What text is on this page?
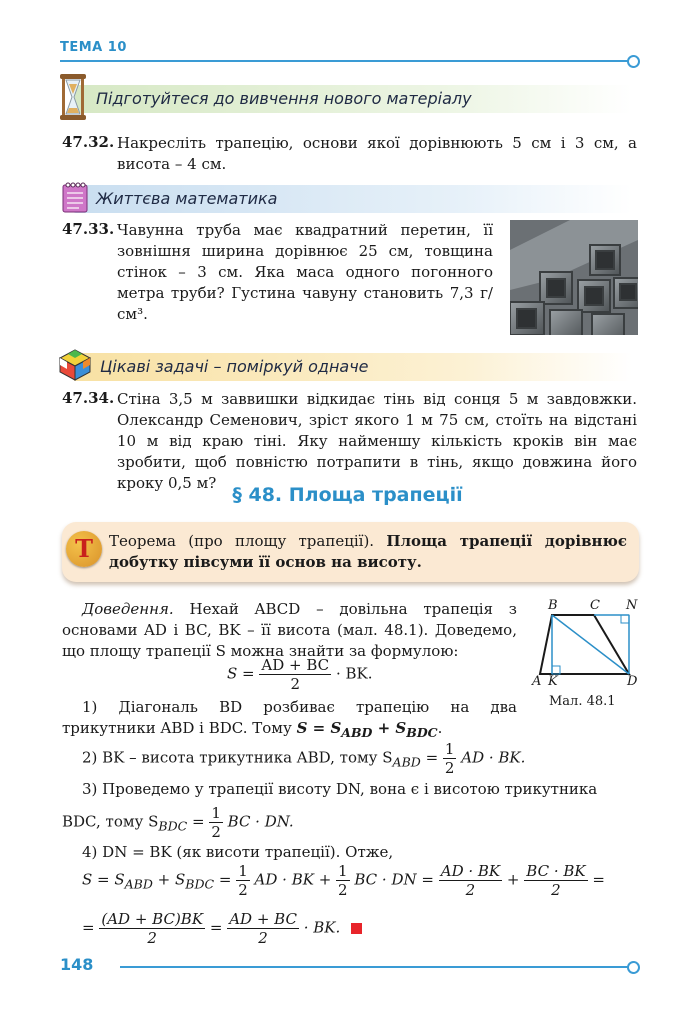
ТЕМА 10
Підготуйтеся до вивчення нового матеріалу
47.32. Накресліть трапецію, основи якої дорівнюють 5 см і 3 см, а висота – 4 см.
Життєва математика
47.33. Чавунна труба має квадратний перетин, її зовнішня ширина дорівнює 25 см, товщина стінок – 3 см. Яка маса одного погонного метра труби? Густина чавуну становить 7,3 г/см³.
Цікаві задачі – поміркуй одначе
47.34. Стіна 3,5 м заввишки відкидає тінь від сонця 5 м завдовжки. Олександр Семенович, зріст якого 1 м 75 см, стоїть на відстані 10 м від краю тіні. Яку найменшу кількість кроків він має зробити, щоб повністю потрапити в тінь, якщо довжина його кроку 0,5 м?
§ 48. Площа трапеції
Т	Теорема (про площу трапеції). Площа трапеції дорівнює добутку півсуми її основ на висоту.
Доведення. Нехай ABCD – довільна трапеція з основами AD і BC, BK – її висота (мал. 48.1). Доведемо, що площу трапеції S можна знайти за формулою:
$S = \frac{AD + BC}{2}$ · BK.
B C N
A K	D
Мал. 48.1
1) Діагональ BD розбиває трапецію на два трикутники ABD і BDC. Тому $S = S_{ABD} + S_{BDC}$.
2) BK – висота трикутника ABD, тому $S_{ABD} = \frac{1}{2}$ AD · BK.
3) Проведемо у трапеції висоту DN, вона є і висотою трикутника
BDC, тому $S_{BDC} = \frac{1}{2}$ BC · DN.
4) DN = BK (як висоти трапеції). Отже,
$S = S_{ABD} + S_{BDC} = \frac{1}{2}$ AD · BK + $\frac{1}{2}$ BC · DN = $\frac{AD \cdot BK}{2} + \frac{BC \cdot BK}{2}$ =
= $\frac{(AD + BC)BK}{2} = \frac{AD + BC}{2}$ · BK.
148
